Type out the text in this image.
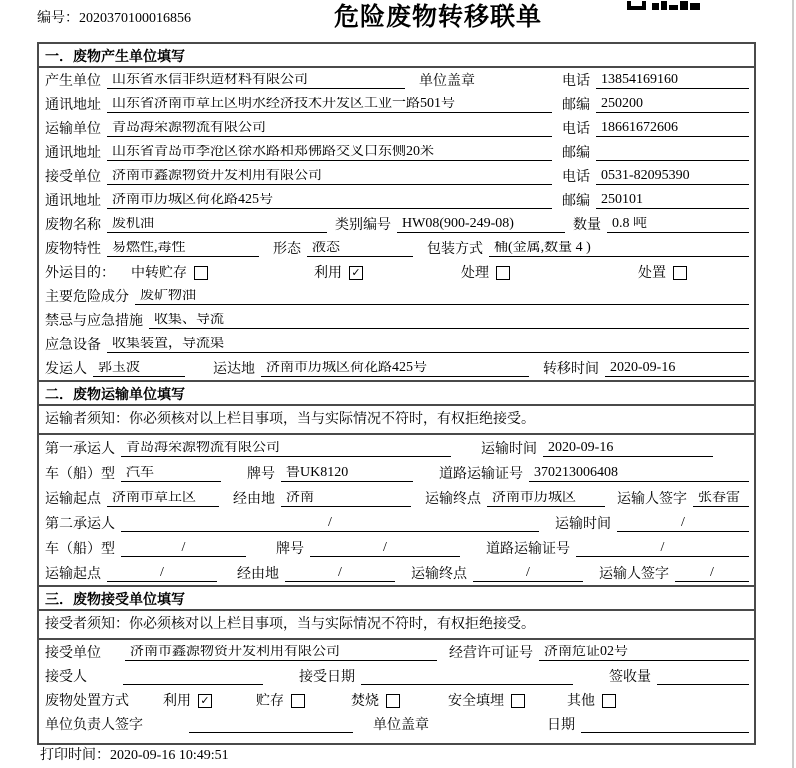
编号：2020370100016856	危险废物转移联单
一．废物产生单位填写
产生单位 山东省永信非织造材料有限公司	单位盖章	电话 13854169160
通讯地址 山东省济南市章丘区明水经济技术开发区工业一路501号	邮编 250200
运输单位 青岛海荣源物流有限公司	电话 18661672606
通讯地址 山东省青岛市李沧区徐水路和郑佛路交叉口东侧20米	邮编
接受单位 济南市鑫源物资开发利用有限公司	电话 0531-82095390
通讯地址 济南市历城区荷花路425号	邮编 250101
废物名称 废机油	类别编号 HW08(900-249-08)	数量 0.8 吨
废物特性 易燃性,毒性	形态 液态	包装方式 桶(金属,数量 4 )
外运目的： 中转贮存	利用 ✓	处理	处置
主要危险成分 废矿物油
禁忌与应急措施 收集、导流
应急设备 收集装置，导流渠
发运人 郭玉波	运达地 济南市历城区荷花路425号	转移时间 2020-09-16
二．废物运输单位填写
运输者须知：你必须核对以上栏目事项，当与实际情况不符时，有权拒绝接受。
第一承运人 青岛海荣源物流有限公司	运输时间 2020-09-16
车（船）型 汽车	牌号 鲁UK8120	道路运输证号 370213006408
运输起点 济南市章丘区	经由地 济南	运输终点 济南市历城区	运输人签字 张春雷
第二承运人	/	运输时间	/
车（船）型	/	牌号	/	道路运输证号	/
运输起点	/	经由地	/	运输终点	/	运输人签字	/
三．废物接受单位填写
接受者须知：你必须核对以上栏目事项，当与实际情况不符时，有权拒绝接受。
接受单位	济南市鑫源物资开发利用有限公司	经营许可证号 济南危证02号
接受人	接受日期	签收量
废物处置方式 利用 ✓	贮存	焚烧	安全填埋	其他
单位负责人签字	单位盖章	日期
打印时间：2020-09-16 10:49:51
